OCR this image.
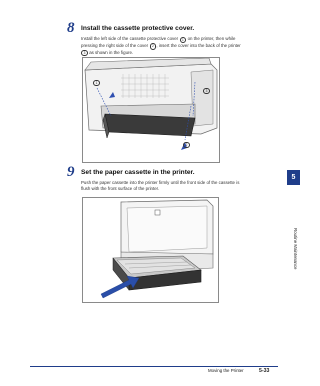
8 Install the cassette protective cover.
Install the left side of the cassette protective cover 1 on the printer, then while
pressing the right side of the cover 2 , insert the cover into the back of the printer
3 as shown in the figure.
1
2
3
9 Set the paper cassette in the printer.
Push the paper cassette into the printer firmly until the front side of the cassette is
flush with the front surface of the printer.
5
Routine Maintenance
Moving the Printer	5-33
